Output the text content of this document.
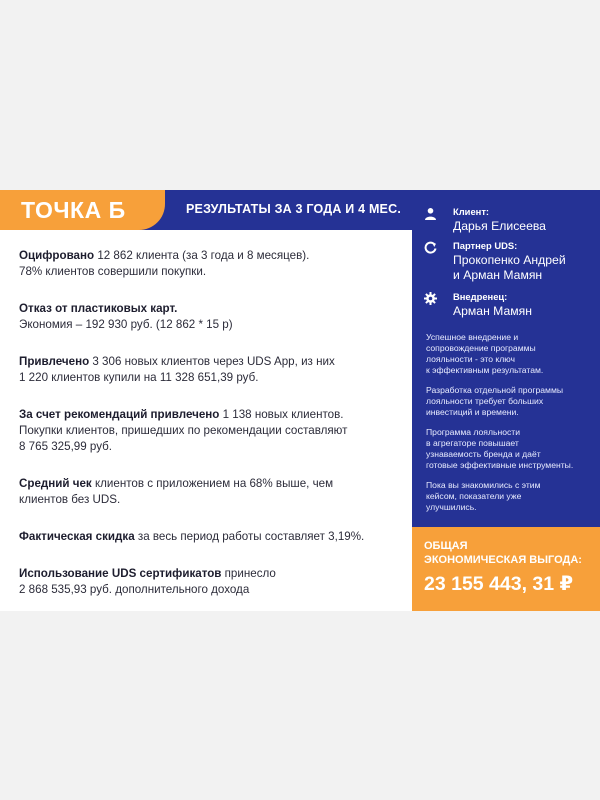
ТОЧКА Б	РЕЗУЛЬТАТЫ ЗА 3 ГОДА И 4 МЕС.
Оцифровано 12 862 клиента (за 3 года и 8 месяцев).
78% клиентов совершили покупки.
Отказ от пластиковых карт.
Экономия – 192 930 руб. (12 862 * 15 р)
Привлечено 3 306 новых клиентов через UDS App, из них
1 220 клиентов купили на 11 328 651,39 руб.
За счет рекомендаций привлечено 1 138 новых клиентов.
Покупки клиентов, пришедших по рекомендации составляют
8 765 325,99 руб.
Средний чек клиентов с приложением на 68% выше, чем
клиентов без UDS.
Фактическая скидка за весь период работы составляет 3,19%.
Использование UDS сертификатов принесло
2 868 535,93 руб. дополнительного дохода
Клиент:
Дарья Елисеева
Партнер UDS:
Прокопенко Андрей
и Арман Мамян
Внедренец:
Арман Мамян
Успешное внедрение и
сопровождение программы
лояльности - это ключ
к эффективным результатам.
Разработка отдельной программы
лояльности требует больших
инвестиций и времени.
Программа лояльности
в агрегаторе повышает
узнаваемость бренда и даёт
готовые эффективные инструменты.
Пока вы знакомились с этим
кейсом, показатели уже
улучшились.
ОБЩАЯ
ЭКОНОМИЧЕСКАЯ ВЫГОДА:
23 155 443, 31 ₽
